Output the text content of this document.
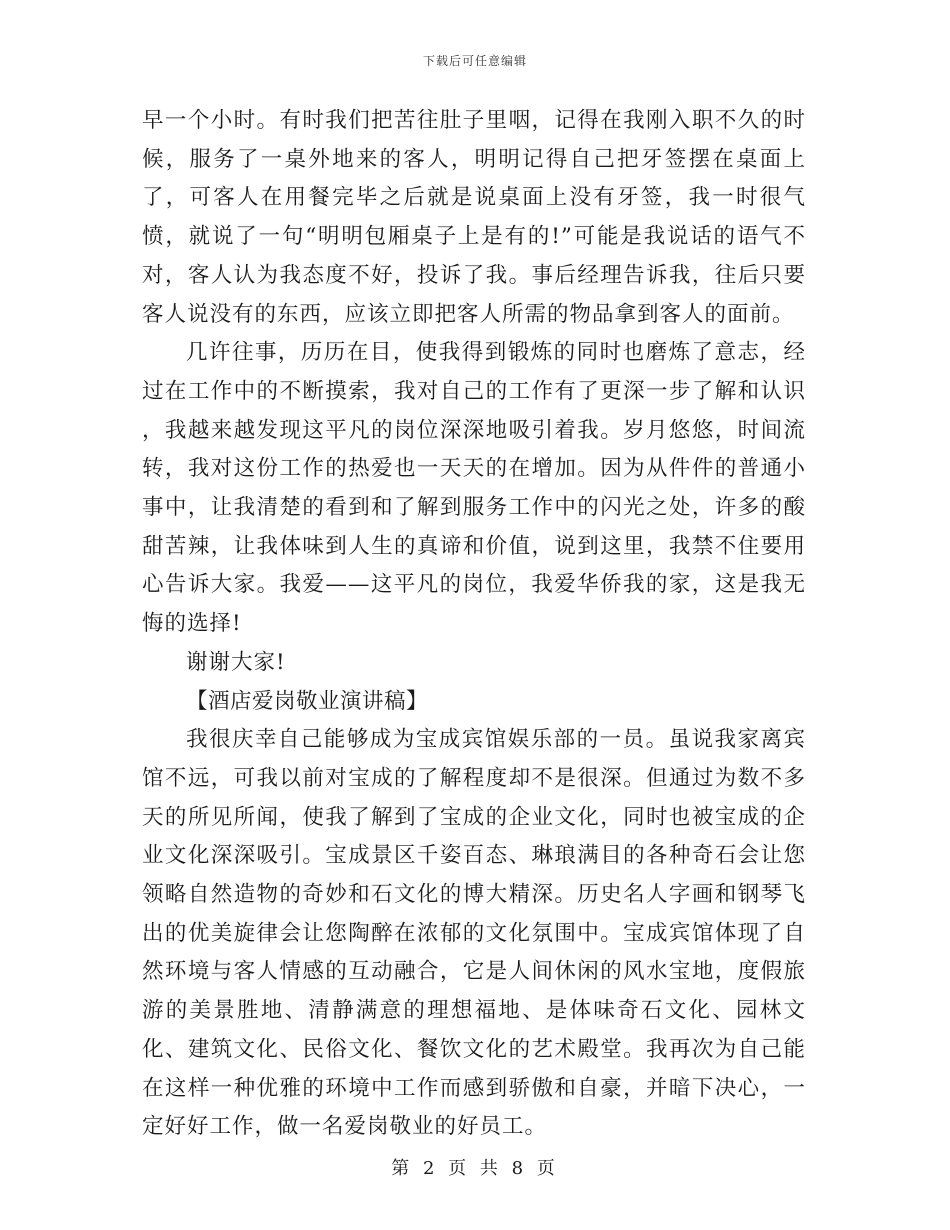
下载后可任意编辑

早一个小时。有时我们把苦往肚子里咽，记得在我刚入职不久的时候，服务了一桌外地来的客人，明明记得自己把牙签摆在桌面上了，可客人在用餐完毕之后就是说桌面上没有牙签，我一时很气愤，就说了一句“明明包厢桌子上是有的!”可能是我说话的语气不对，客人认为我态度不好，投诉了我。事后经理告诉我，往后只要客人说没有的东西，应该立即把客人所需的物品拿到客人的面前。

几许往事，历历在目，使我得到锻炼的同时也磨炼了意志，经过在工作中的不断摸索，我对自己的工作有了更深一步了解和认识 ，我越来越发现这平凡的岗位深深地吸引着我。岁月悠悠，时间流转，我对这份工作的热爱也一天天的在增加。因为从件件的普通小事中，让我清楚的看到和了解到服务工作中的闪光之处，许多的酸甜苦辣，让我体味到人生的真谛和价值，说到这里，我禁不住要用心告诉大家。我爱——这平凡的岗位，我爱华侨我的家，这是我无悔的选择!

谢谢大家!

【酒店爱岗敬业演讲稿】

我很庆幸自己能够成为宝成宾馆娱乐部的一员。虽说我家离宾馆不远，可我以前对宝成的了解程度却不是很深。但通过为数不多天的所见所闻，使我了解到了宝成的企业文化，同时也被宝成的企业文化深深吸引。宝成景区千姿百态、琳琅满目的各种奇石会让您领略自然造物的奇妙和石文化的博大精深。历史名人字画和钢琴飞出的优美旋律会让您陶醉在浓郁的文化氛围中。宝成宾馆体现了自然环境与客人情感的互动融合，它是人间休闲的风水宝地，度假旅游的美景胜地、清静满意的理想福地、是体味奇石文化、园林文化、建筑文化、民俗文化、餐饮文化的艺术殿堂。我再次为自己能在这样一种优雅的环境中工作而感到骄傲和自豪，并暗下决心，一定好好工作，做一名爱岗敬业的好员工。

第 2 页 共 8 页
